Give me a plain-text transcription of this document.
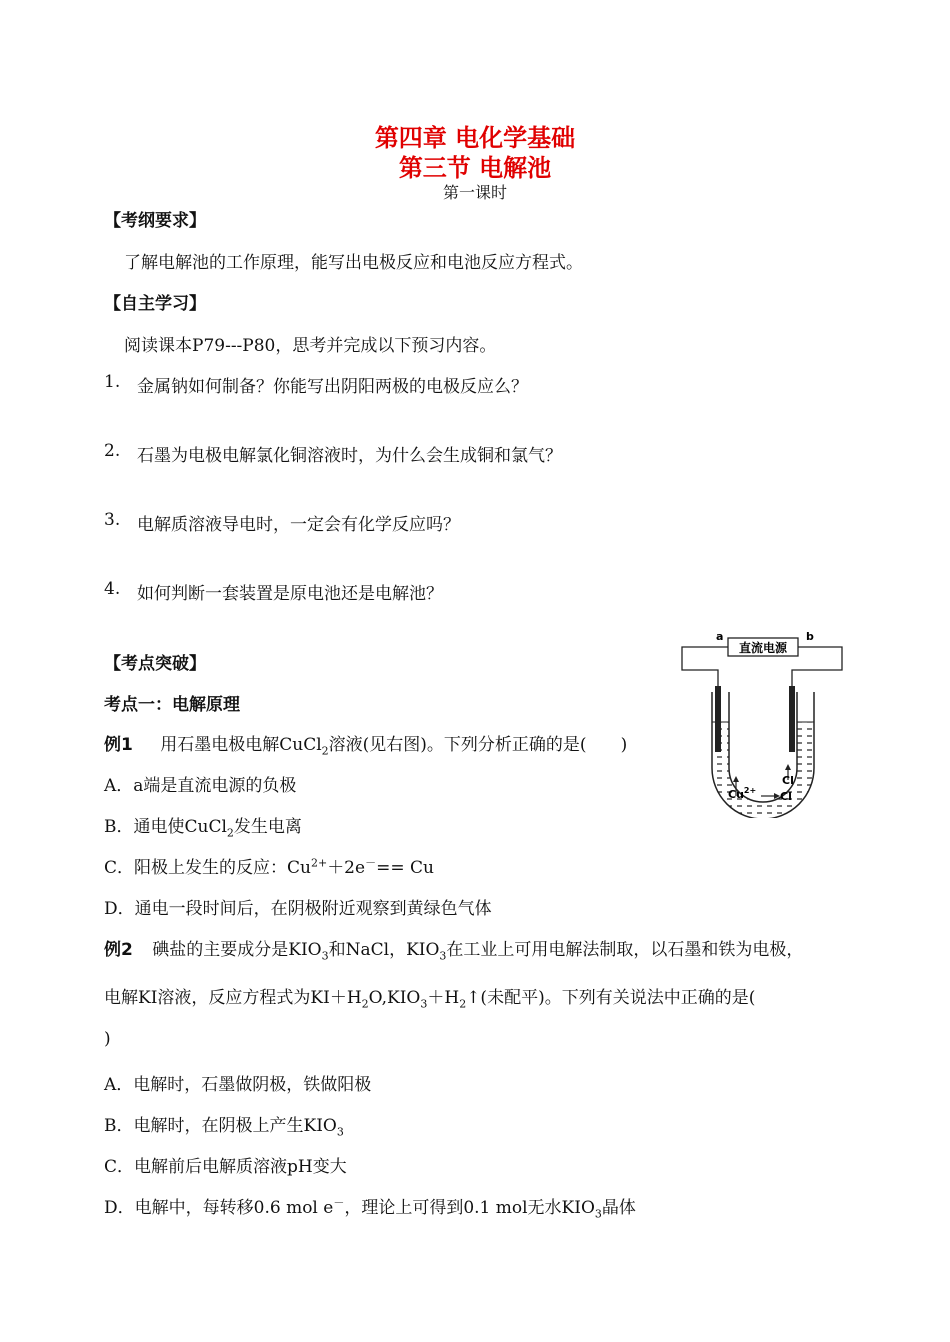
第四章 电化学基础
第三节 电解池
第一课时
【考纲要求】
了解电解池的工作原理，能写出电极反应和电池反应方程式。
【自主学习】
阅读课本P79---P80，思考并完成以下预习内容。
1. 金属钠如何制备？你能写出阴阳两极的电极反应么？
2. 石墨为电极电解氯化铜溶液时，为什么会生成铜和氯气？
3. 电解质溶液导电时，一定会有化学反应吗？
4. 如何判断一套装置是原电池还是电解池？
【考点突破】
考点一：电解原理
例1 用石墨电极电解CuCl$_2$溶液(见右图)。下列分析正确的是( )
A．a端是直流电源的负极
B．通电使CuCl$_2$发生电离
C．阳极上发生的反应：$Cu^{2+}+2e^-== Cu$
D．通电一段时间后，在阴极附近观察到黄绿色气体
例2 碘盐的主要成分是$KIO_3$和NaCl，$KIO_3$在工业上可用电解法制取，以石墨和铁为电极，
电解KI溶液，反应方程式为$KI+H_2O,KIO_3+H_2↑$(未配平)。下列有关说法中正确的是(
)
A．电解时，石墨做阴极，铁做阳极
B．电解时，在阴极上产生$KIO_3$
C．电解前后电解质溶液pH变大
D．电解中，每转移0.6 mol e－，理论上可得到0.1 mol无水$KIO_3$晶体
a	b
直流电源
$Cu^{2+}$ Cl
Cl
